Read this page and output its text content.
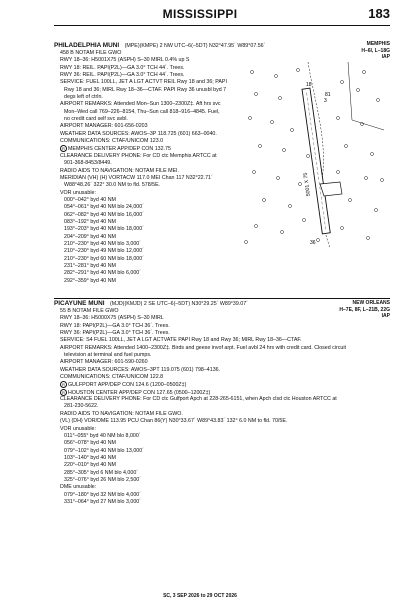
MISSISSIPPI	183
PHILADELPHIA MUNI (MPE)(KMPE) 2 NW UTC–6(–5DT) N32°47.95´ W89°07.56´	MEMPHIS
H–6I, L–18G
IAP
458 B NOTAM FILE GWO
RWY 18–36: H5001X75 (ASPH) S–30 MIRL 0.4% up S
RWY 18: REIL. PAPI(P2L)—GA 3.0° TCH 44´. Trees.
RWY 36: REIL. PAPI(P2L)—GA 3.0° TCH 44´. Trees.
SERVICE: FUEL 100LL, JET A LGT ACTVT REIL Rwy 18 and 36; PAPI
Rwy 18 and 36; MIRL Rwy 18–36—CTAF. PAPI Rwy 36 unusbl byd 7
degs left of ctrln.
AIRPORT REMARKS: Attended Mon–Sun 1300–2300Z‡. Aft hrs svc
Mon–Wed call 769–226–8154, Thu–Sun call 818–916–4845. Fuel,
no credit card self svc avbl.
AIRPORT MANAGER: 601-656-0203
WEATHER DATA SOURCES: AWOS–3P 118.725 (601) 663–0040.
COMMUNICATIONS: CTAF/UNICOM 123.0
R MEMPHIS CENTER APP/DEP CON 132.75
CLEARANCE DELIVERY PHONE: For CD ctc Memphis ARTCC at
901-368-8453/8449.
RADIO AIDS TO NAVIGATION: NOTAM FILE MEI.
MERIDIAN (VH) (H) VORTACW 117.0 MEI Chan 117 N32°22.71´
W88°48.26´ 322° 30.0 NM to fld. 578/5E.
VOR unusable:
000°–042° byd 40 NM
054°–061° byd 40 NM blo 24,000´
062°–082° byd 40 NM blo 16,000´
083°–192° byd 40 NM
193°–203° byd 40 NM blo 18,000´
204°–209° byd 40 NM
210°–230° byd 40 NM blo 3,000´
210°–230° byd 49 NM blo 12,000´
210°–230° byd 60 NM blo 18,000´
231°–281° byd 40 NM
282°–291° byd 40 NM blo 6,000´
292°–359° byd 40 NM
18
36
81
3
5001 X 75
PICAYUNE MUNI (MJD)(KMJD) 2 SE UTC–6(–5DT) N30°29.25´ W89°39.07´	NEW ORLEANS
H–7E, 8F, L–21B, 22G
IAP
55 B NOTAM FILE GWO
RWY 18–36: H5000X75 (ASPH) S–30 MIRL
RWY 18: PAPI(P2L)—GA 3.0° TCH 36´. Trees.
RWY 36: PAPI(P2L)—GA 3.0° TCH 36´. Trees.
SERVICE: S4 FUEL 100LL, JET A LGT ACTVATE PAPI Rwy 18 and Rwy 36; MIRL Rwy 18–36—CTAF.
AIRPORT REMARKS: Attended 1400–2300Z‡. Birds and geese invof arpt. Fuel avbl 24 hrs with credit card. Closed circuit
television at terminal and fuel pumps.
AIRPORT MANAGER: 601-590-0260
WEATHER DATA SOURCES: AWOS–3PT 119.075 (601) 798–4136.
COMMUNICATIONS: CTAF/UNICOM 122.8
R GULFPORT APP/DEP CON 124.6 (1200–0500Z‡)
R HOUSTON CENTER APP/DEP CON 127.65 (0500–1200Z‡)
CLEARANCE DELIVERY PHONE: For CD ctc Gulfport Apch at 228-265-6151, when Apch clsd ctc Houston ARTCC at
281-230-5622.
RADIO AIDS TO NAVIGATION: NOTAM FILE GWO.
(VL) (DH) VOR/DME 113.95 PCU Chan 86(Y) N30°33.67´ W89°43.83´ 132° 6.0 NM to fld. 70/5E.
VOR unusable:
011°–055° byd 40 NM blo 8,000´
056°–078° byd 40 NM
079°–102° byd 40 NM blo 13,000´
103°–140° byd 40 NM
220°–010° byd 40 NM
285°–305° byd 6 NM blo 4,000´
325°–076° byd 26 NM blo 2,500´
DME unusable:
079°–180° byd 32 NM blo 4,000´
331°–064° byd 27 NM blo 3,000´
SC, 3 SEP 2026 to 29 OCT 2026
